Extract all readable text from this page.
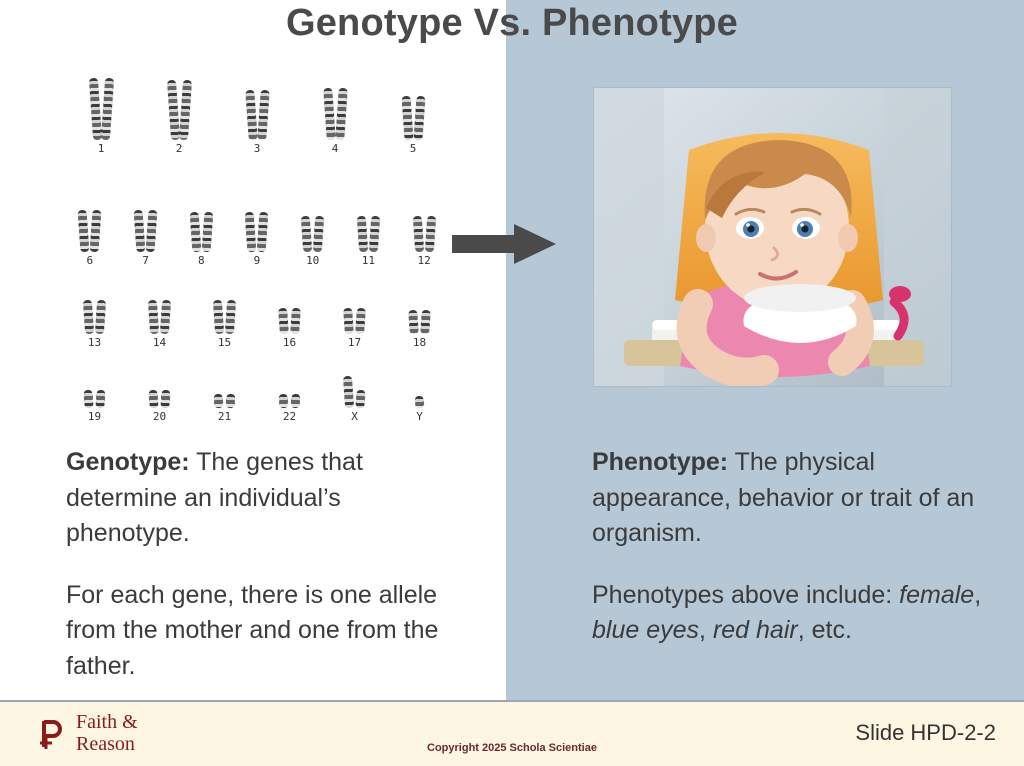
Genotype Vs. Phenotype
1	2	3	4	5
6	7	8	9	10	11	12
13	14	15	16	17	18
19	20	21	22	X	Y

Genotype: The genes that determine an individual’s phenotype.

For each gene, there is one allele from the mother and one from the father.

Phenotype: The physical appearance, behavior or trait of an organism.

Phenotypes above include: female, blue eyes, red hair, etc.

Faith &
Reason	Copyright 2025 Schola Scientiae
Slide HPD-2-2
